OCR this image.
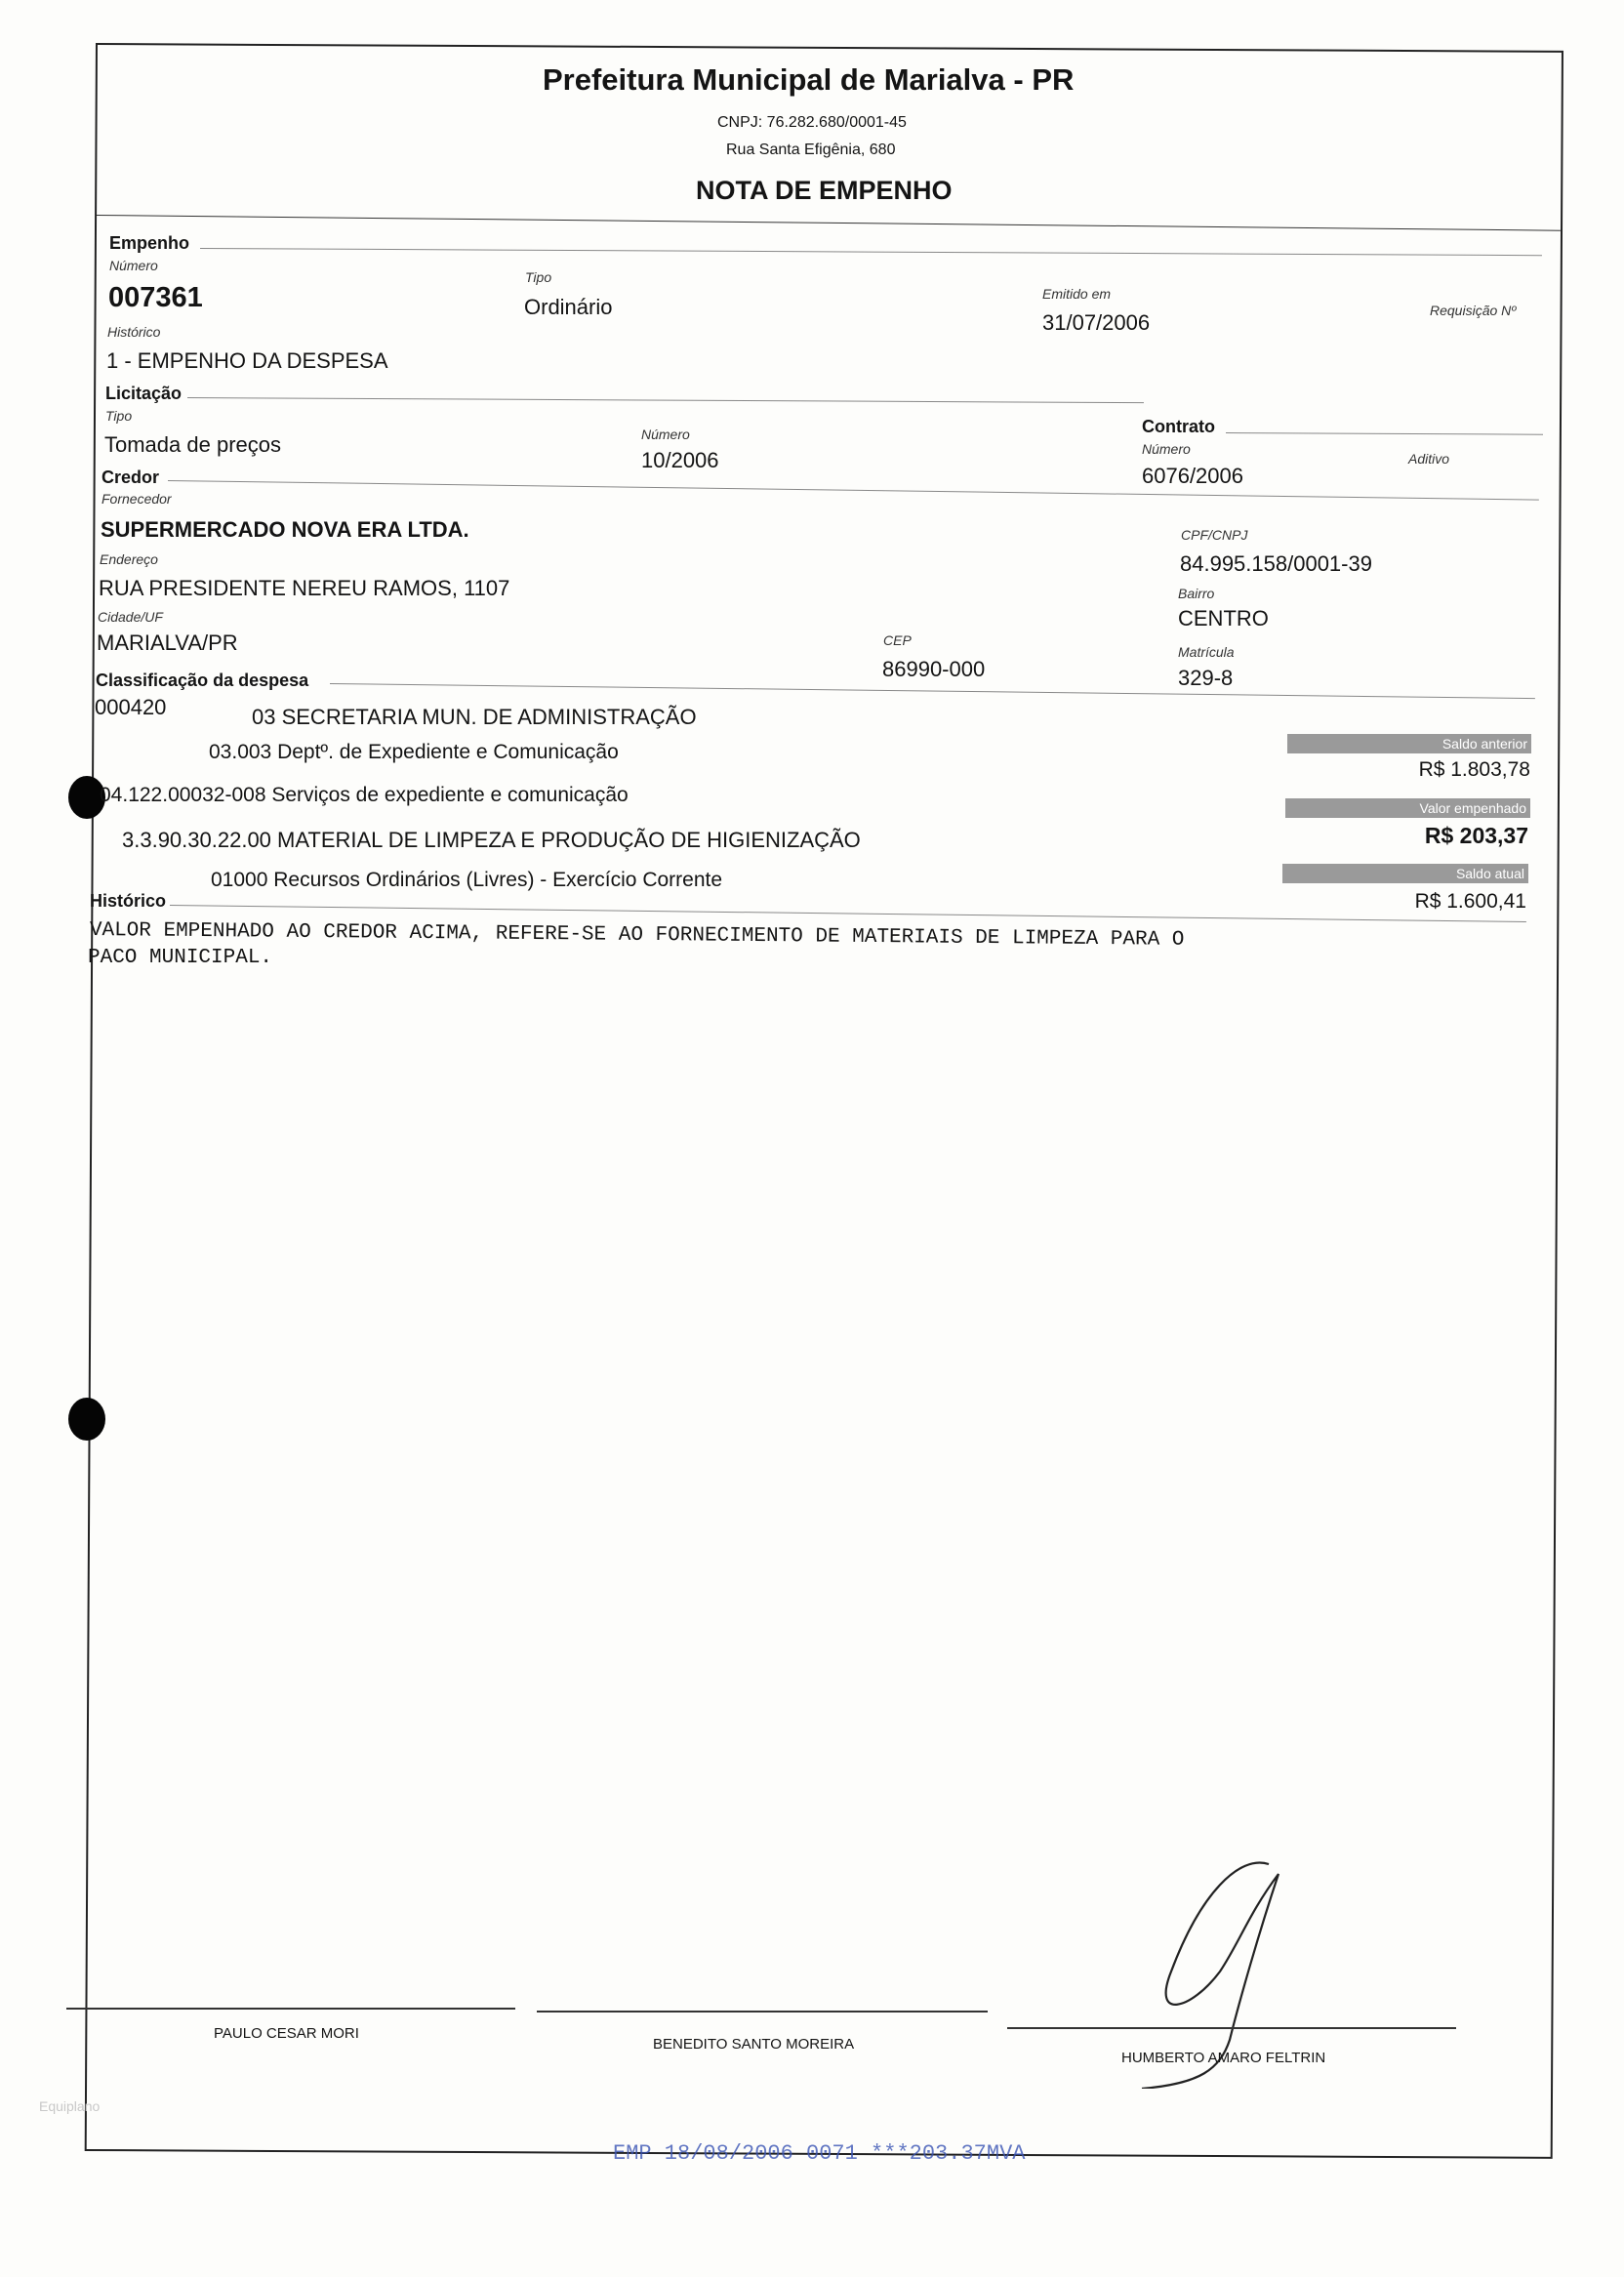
Prefeitura Municipal de Marialva - PR
CNPJ: 76.282.680/0001-45
Rua Santa Efigênia, 680
NOTA DE EMPENHO
Empenho
Número
007361
Tipo
Ordinário
Emitido em
31/07/2006	Requisição Nº
Histórico
1 - EMPENHO DA DESPESA
Licitação
Tipo
Tomada de preços	Número
10/2006
Contrato
Número
6076/2006
Aditivo
Credor
Fornecedor
SUPERMERCADO NOVA ERA LTDA.	CPF/CNPJ
84.995.158/0001-39
Endereço
RUA PRESIDENTE NEREU RAMOS, 1107	Bairro
CENTRO
Cidade/UF
MARIALVA/PR	CEP
86990-000
Matrícula
329-8
Classificação da despesa
000420	03 SECRETARIA MUN. DE ADMINISTRAÇÃO
03.003 Deptº. de Expediente e Comunicação
04.122.00032-008 Serviços de expediente e comunicação
3.3.90.30.22.00 MATERIAL DE LIMPEZA E PRODUÇÃO DE HIGIENIZAÇÃO
01000 Recursos Ordinários (Livres) - Exercício Corrente
Saldo anterior
R$ 1.803,78
Valor empenhado
R$ 203,37
Saldo atual
R$ 1.600,41
Histórico
VALOR EMPENHADO AO CREDOR ACIMA, REFERE-SE AO FORNECIMENTO DE MATERIAIS DE LIMPEZA PARA O
PACO MUNICIPAL.
PAULO CESAR MORI
BENEDITO SANTO MOREIRA
HUMBERTO AMARO FELTRIN
Equiplano
EMP 18/08/2006 0071 ***203.37MVA
